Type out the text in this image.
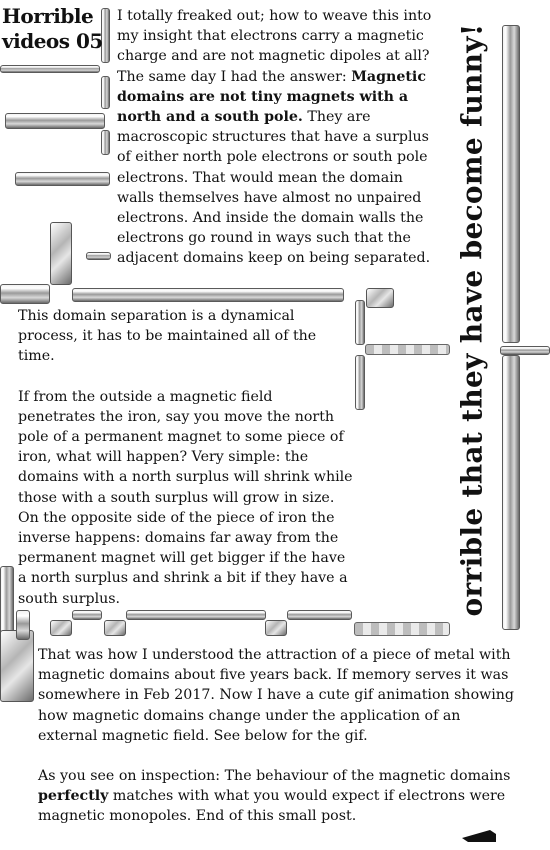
Horrible videos 05	orrible that they have become funny!

I totally freaked out; how to weave this into my insight that electrons carry a magnetic charge and are not magnetic dipoles at all? The same day I had the answer: Magnetic domains are not tiny magnets with a north and a south pole. They are macroscopic structures that have a surplus of either north pole electrons or south pole electrons. That would mean the domain walls themselves have almost no unpaired electrons. And inside the domain walls the electrons go round in ways such that the adjacent domains keep on being separated.

This domain separation is a dynamical process, it has to be maintained all of the time.

If from the outside a magnetic field penetrates the iron, say you move the north pole of a permanent magnet to some piece of iron, what will happen? Very simple: the domains with a north surplus will shrink while those with a south surplus will grow in size. On the opposite side of the piece of iron the inverse happens: domains far away from the permanent magnet will get bigger if the have a north surplus and shrink a bit if they have a south surplus.

That was how I understood the attraction of a piece of metal with magnetic domains about five years back. If memory serves it was somewhere in Feb 2017. Now I have a cute gif animation showing how magnetic domains change under the application of an external magnetic field. See below for the gif.

As you see on inspection: The behaviour of the magnetic domains perfectly matches with what you would expect if electrons were magnetic monopoles. End of this small post.
